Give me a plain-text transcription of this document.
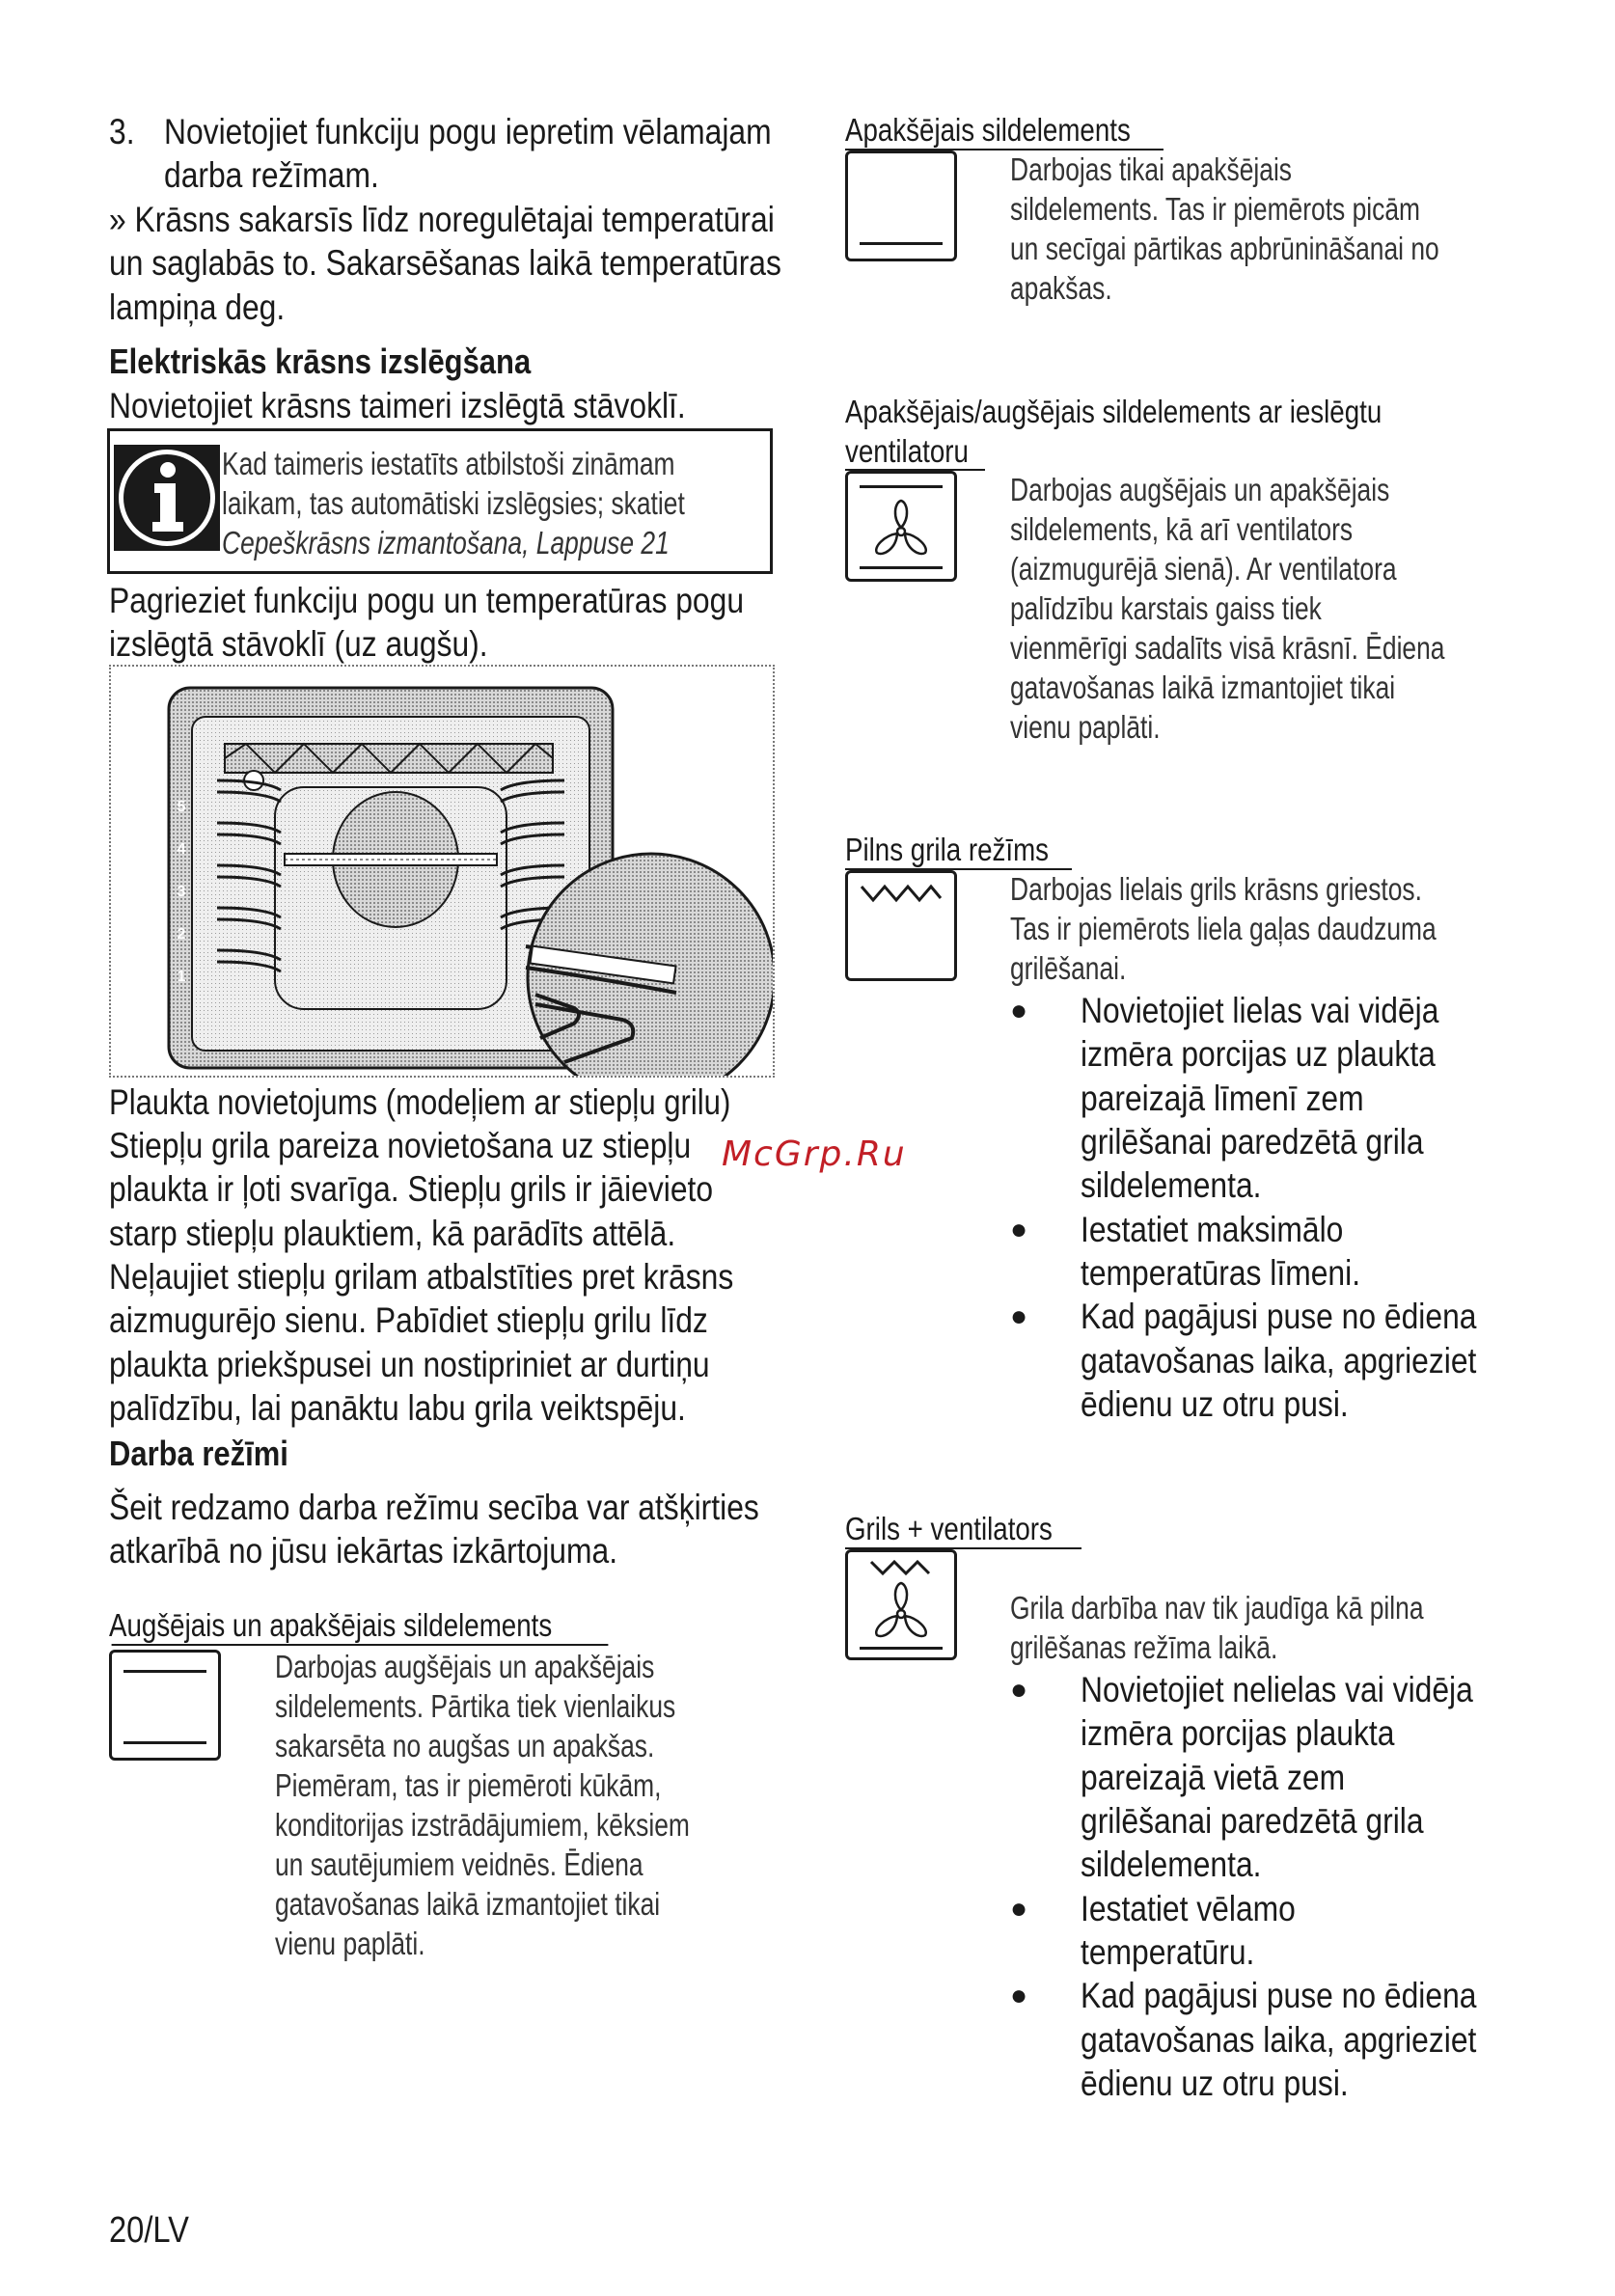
3. Novietojiet funkciju pogu iepretim vēlamajam
darba režīmam.
» Krāsns sakarsīs līdz noregulētajai temperatūrai
un saglabās to. Sakarsēšanas laikā temperatūras
lampiņa deg.
Elektriskās krāsns izslēgšana
Novietojiet krāsns taimeri izslēgtā stāvoklī.
Kad taimeris iestatīts atbilstoši zināmam
laikam, tas automātiski izslēgsies; skatiet
Cepeškrāsns izmantošana, Lappuse 21
Pagrieziet funkciju pogu un temperatūras pogu
izslēgtā stāvoklī (uz augšu).
5
4
3
2
1
Plaukta novietojums (modeļiem ar stiepļu grilu)
Stiepļu grila pareiza novietošana uz stiepļu
plaukta ir ļoti svarīga. Stiepļu grils ir jāievieto
starp stiepļu plauktiem, kā parādīts attēlā.
Neļaujiet stiepļu grilam atbalstīties pret krāsns
aizmugurējo sienu. Pabīdiet stiepļu grilu līdz
plaukta priekšpusei un nostipriniet ar durtiņu
palīdzību, lai panāktu labu grila veiktspēju.
McGrp.Ru
Darba režīmi
Šeit redzamo darba režīmu secība var atšķirties
atkarībā no jūsu iekārtas izkārtojuma.
Augšējais un apakšējais sildelements
Darbojas augšējais un apakšējais
sildelements. Pārtika tiek vienlaikus
sakarsēta no augšas un apakšas.
Piemēram, tas ir piemēroti kūkām,
konditorijas izstrādājumiem, kēksiem
un sautējumiem veidnēs. Ēdiena
gatavošanas laikā izmantojiet tikai
vienu paplāti.
Apakšējais sildelements
Darbojas tikai apakšējais
sildelements. Tas ir piemērots picām
un secīgai pārtikas apbrūnināšanai no
apakšas.
Apakšējais/augšējais sildelements ar ieslēgtu
ventilatoru
Darbojas augšējais un apakšējais
sildelements, kā arī ventilators
(aizmugurējā sienā). Ar ventilatora
palīdzību karstais gaiss tiek
vienmērīgi sadalīts visā krāsnī. Ēdiena
gatavošanas laikā izmantojiet tikai
vienu paplāti.
Pilns grila režīms
Darbojas lielais grils krāsns griestos.
Tas ir piemērots liela gaļas daudzuma
grilēšanai.
● Novietojiet lielas vai vidēja
izmēra porcijas uz plaukta
pareizajā līmenī zem
grilēšanai paredzētā grila
sildelementa.
● Iestatiet maksimālo
temperatūras līmeni.
● Kad pagājusi puse no ēdiena
gatavošanas laika, apgrieziet
ēdienu uz otru pusi.
Grils + ventilators
Grila darbība nav tik jaudīga kā pilna
grilēšanas režīma laikā.
● Novietojiet nelielas vai vidēja
izmēra porcijas plaukta
pareizajā vietā zem
grilēšanai paredzētā grila
sildelementa.
● Iestatiet vēlamo
temperatūru.
● Kad pagājusi puse no ēdiena
gatavošanas laika, apgrieziet
ēdienu uz otru pusi.
20/LV
